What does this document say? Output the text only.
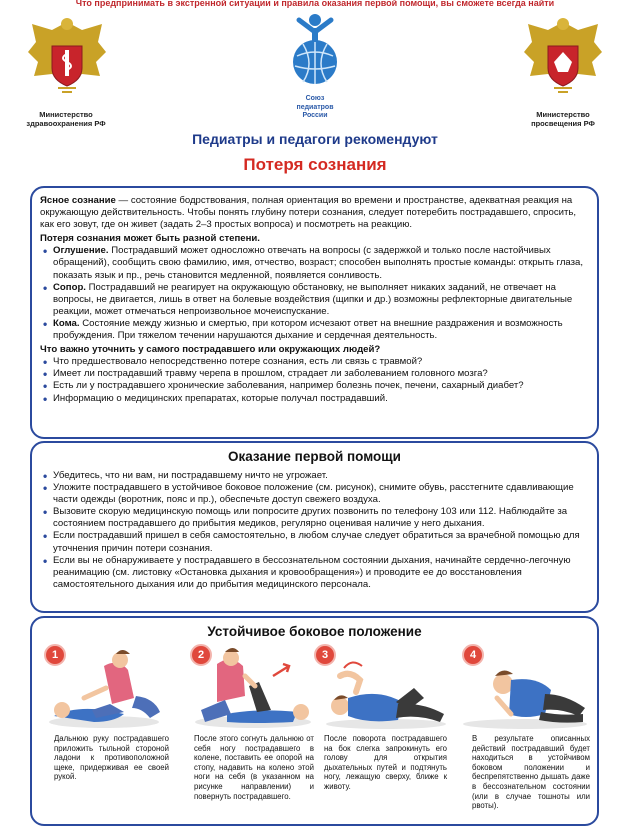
Что предпринимать в экстренной ситуации и правила оказания первой помощи, вы сможете всегда найти
Министерство
здравоохранения РФ
Союз
педиатров
России	Министерство
просвещения РФ
Педиатры и педагоги рекомендуют
Потеря сознания

Ясное сознание — состояние бодрствования, полная ориентация во времени и пространстве, адекватная реакция на окружающую действительность. Чтобы понять глубину потери сознания, следует потеребить пострадавшего, спросить, как его зовут, где он живет (задать 2–3 простых вопроса) и посмотреть на реакцию.

Потеря сознания может быть разной степени.

• Оглушение. Пострадавший может односложно отвечать на вопросы (с задержкой и только после настойчивых обращений), сообщить свою фамилию, имя, отчество, возраст; способен выполнять простые команды: открыть глаза, показать язык и пр., речь становится медленной, появляется сонливость.
• Сопор. Пострадавший не реагирует на окружающую обстановку, не выполняет никаких заданий, не отвечает на вопросы, не двигается, лишь в ответ на болевые воздействия (щипки и др.) возможны рефлекторные двигательные реакции, может отмечаться непроизвольное мочеиспускание.
• Кома. Состояние между жизнью и смертью, при котором исчезают ответ на внешние раздражения и возможность пробуждения. При тяжелом течении нарушаются дыхание и сердечная деятельность.

Что важно уточнить у самого пострадавшего или окружающих людей?

• Что предшествовало непосредственно потере сознания, есть ли связь с травмой?
• Имеет ли пострадавший травму черепа в прошлом, страдает ли заболеванием головного мозга?
• Есть ли у пострадавшего хронические заболевания, например болезнь почек, печени, сахарный диабет?
• Информацию о медицинских препаратах, которые получал пострадавший.
Оказание первой помощи
• Убедитесь, что ни вам, ни пострадавшему ничто не угрожает.
• Уложите пострадавшего в устойчивое боковое положение (см. рисунок), снимите обувь, расстегните сдавливающие части одежды (воротник, пояс и пр.), обеспечьте доступ свежего воздуха.
• Вызовите скорую медицинскую помощь или попросите других позвонить по телефону 103 или 112. Наблюдайте за состоянием пострадавшего до прибытия медиков, регулярно оценивая наличие у него дыхания.
• Если пострадавший пришел в себя самостоятельно, в любом случае следует обратиться за врачебной помощью для уточнения причин потери сознания.
• Если вы не обнаруживаете у пострадавшего в бессознательном состоянии дыхания, начинайте сердечно-легочную реанимацию (см. листовку «Остановка дыхания и кровообращения») и проводите ее до восстановления самостоятельного дыхания или до прибытия медицинского персонала.
Устойчивое боковое положение
1
Дальнюю руку пострадавшего приложить тыльной стороной ладони к противоположной щеке, придерживая ее своей рукой.
2
После этого согнуть дальнюю от себя ногу пострадавшего в колене, поставить ее опорой на стопу, надавить на колено этой ноги на себя (в указанном на рисунке направлении) и повернуть пострадавшего.
3
После поворота пострадавшего на бок слегка запрокинуть его голову для открытия дыхательных путей и подтянуть ногу, лежащую сверху, ближе к животу.
4
В результате описанных действий пострадавший будет находиться в устойчивом боковом положении и беспрепятственно дышать даже в бессознательном состоянии (или в случае тошноты или рвоты).
